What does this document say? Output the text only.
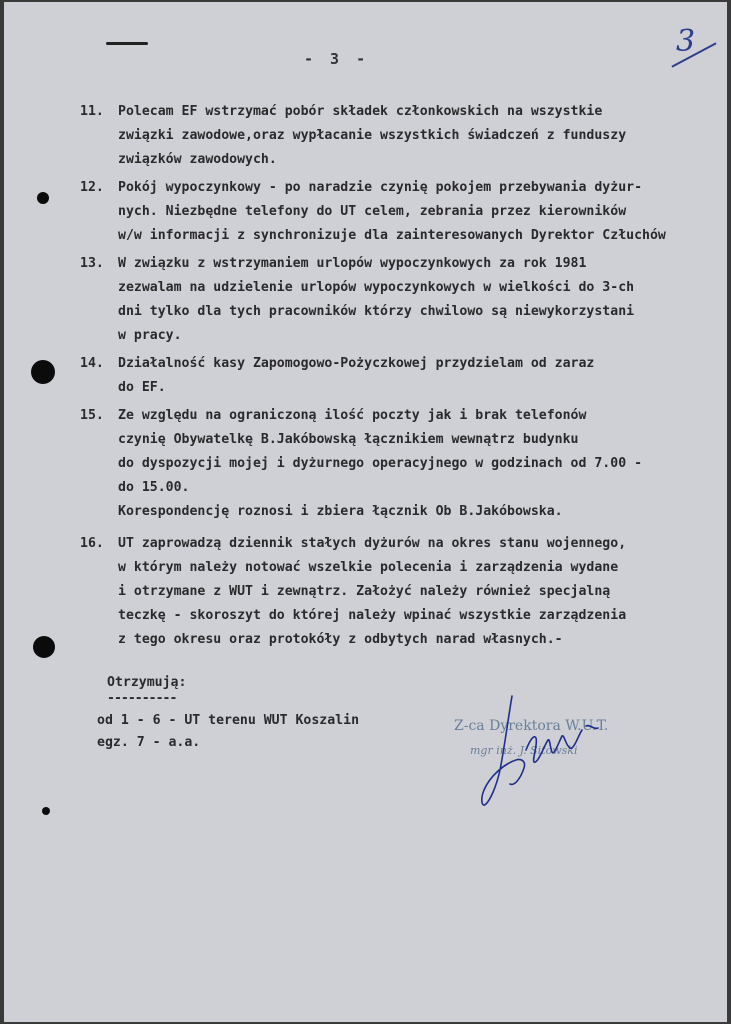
- 3 -	3
11.	Polecam EF wstrzymać pobór składek członkowskich na wszystkie
związki zawodowe,oraz wypłacanie wszystkich świadczeń z funduszy
związków zawodowych.
12.	Pokój wypoczynkowy - po naradzie czynię pokojem przebywania dyżur-
nych. Niezbędne telefony do UT celem, zebrania przez kierowników
w/w informacji z synchronizuje dla zainteresowanych Dyrektor Człuchów
13.	W związku z wstrzymaniem urlopów wypoczynkowych za rok 1981
zezwalam na udzielenie urlopów wypoczynkowych w wielkości do 3-ch
dni tylko dla tych pracowników którzy chwilowo są niewykorzystani
w pracy.
14.	Działalność kasy Zapomogowo-Pożyczkowej przydzielam od zaraz
do EF.
15.	Ze względu na ograniczoną ilość poczty jak i brak telefonów
czynię Obywatelkę B.Jakóbowską łącznikiem wewnątrz budynku
do dyspozycji mojej i dyżurnego operacyjnego w godzinach od 7.00 -
do 15.00.
Korespondencję roznosi i zbiera łącznik Ob B.Jakóbowska.
16.	UT zaprowadzą dziennik stałych dyżurów na okres stanu wojennego,
w którym należy notować wszelkie polecenia i zarządzenia wydane
i otrzymane z WUT i zewnątrz. Założyć należy również specjalną
teczkę - skoroszyt do której należy wpinać wszystkie zarządzenia
z tego okresu oraz protokóły z odbytych narad własnych.-
Otrzymują:
----------
od 1 - 6 - UT terenu WUT Koszalin
egz. 7 - a.a.
Z-ca Dyrektora W.U.T.
mgr inż. J. Sitowski
